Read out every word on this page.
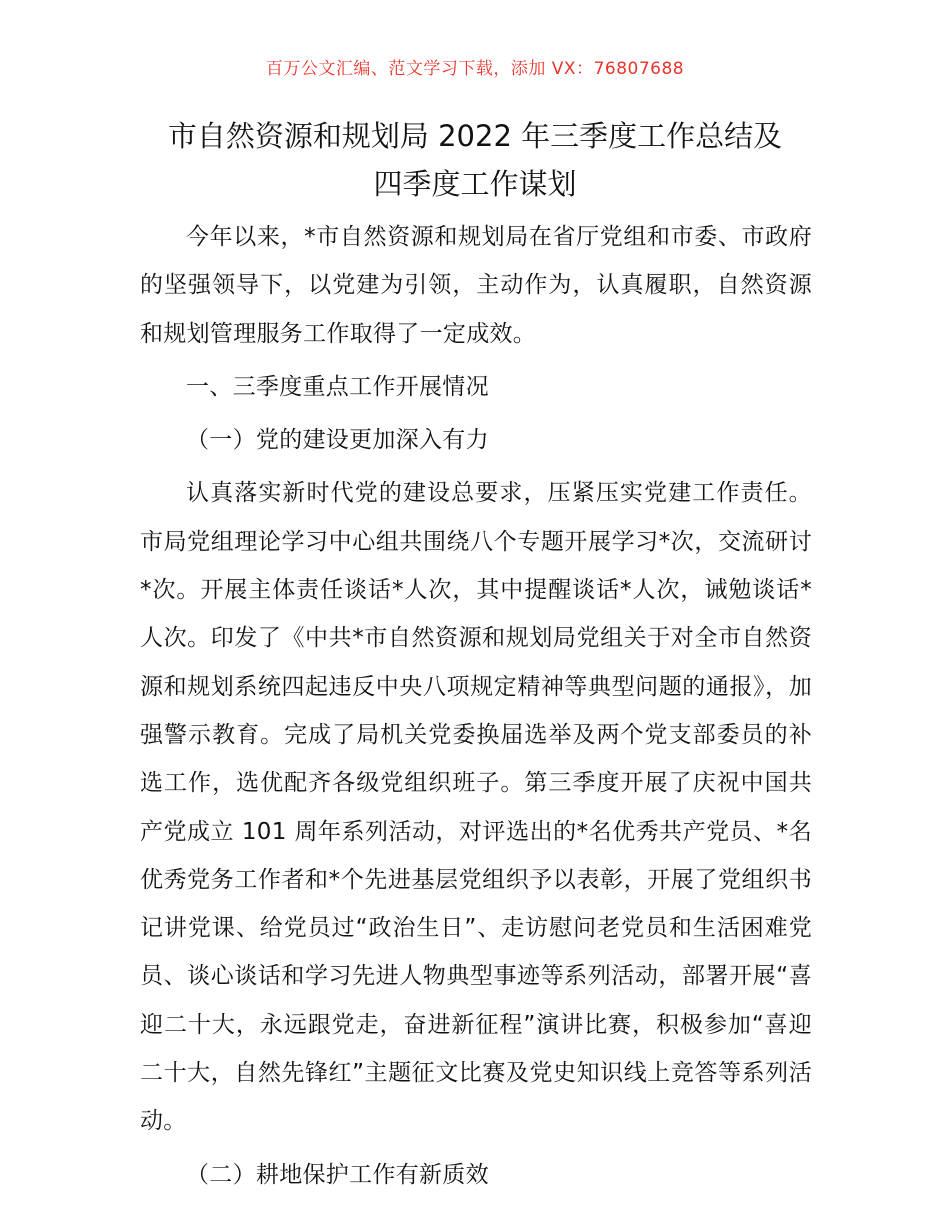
百万公文汇编、范文学习下载，添加 VX：76807688
市自然资源和规划局 2022 年三季度工作总结及
四季度工作谋划

今年以来，*市自然资源和规划局在省厅党组和市委、市政府的坚强领导下，以党建为引领，主动作为，认真履职，自然资源和规划管理服务工作取得了一定成效。

一、三季度重点工作开展情况

（一）党的建设更加深入有力

认真落实新时代党的建设总要求，压紧压实党建工作责任。市局党组理论学习中心组共围绕八个专题开展学习*次，交流研讨*次。开展主体责任谈话*人次，其中提醒谈话*人次，诫勉谈话*人次。印发了《中共*市自然资源和规划局党组关于对全市自然资源和规划系统四起违反中央八项规定精神等典型问题的通报》，加强警示教育。完成了局机关党委换届选举及两个党支部委员的补选工作，选优配齐各级党组织班子。第三季度开展了庆祝中国共产党成立 101 周年系列活动，对评选出的*名优秀共产党员、*名优秀党务工作者和*个先进基层党组织予以表彰，开展了党组织书记讲党课、给党员过“政治生日”、走访慰问老党员和生活困难党员、谈心谈话和学习先进人物典型事迹等系列活动，部署开展“喜迎二十大，永远跟党走，奋进新征程”演讲比赛，积极参加“喜迎二十大，自然先锋红”主题征文比赛及党史知识线上竞答等系列活动。

（二）耕地保护工作有新质效
